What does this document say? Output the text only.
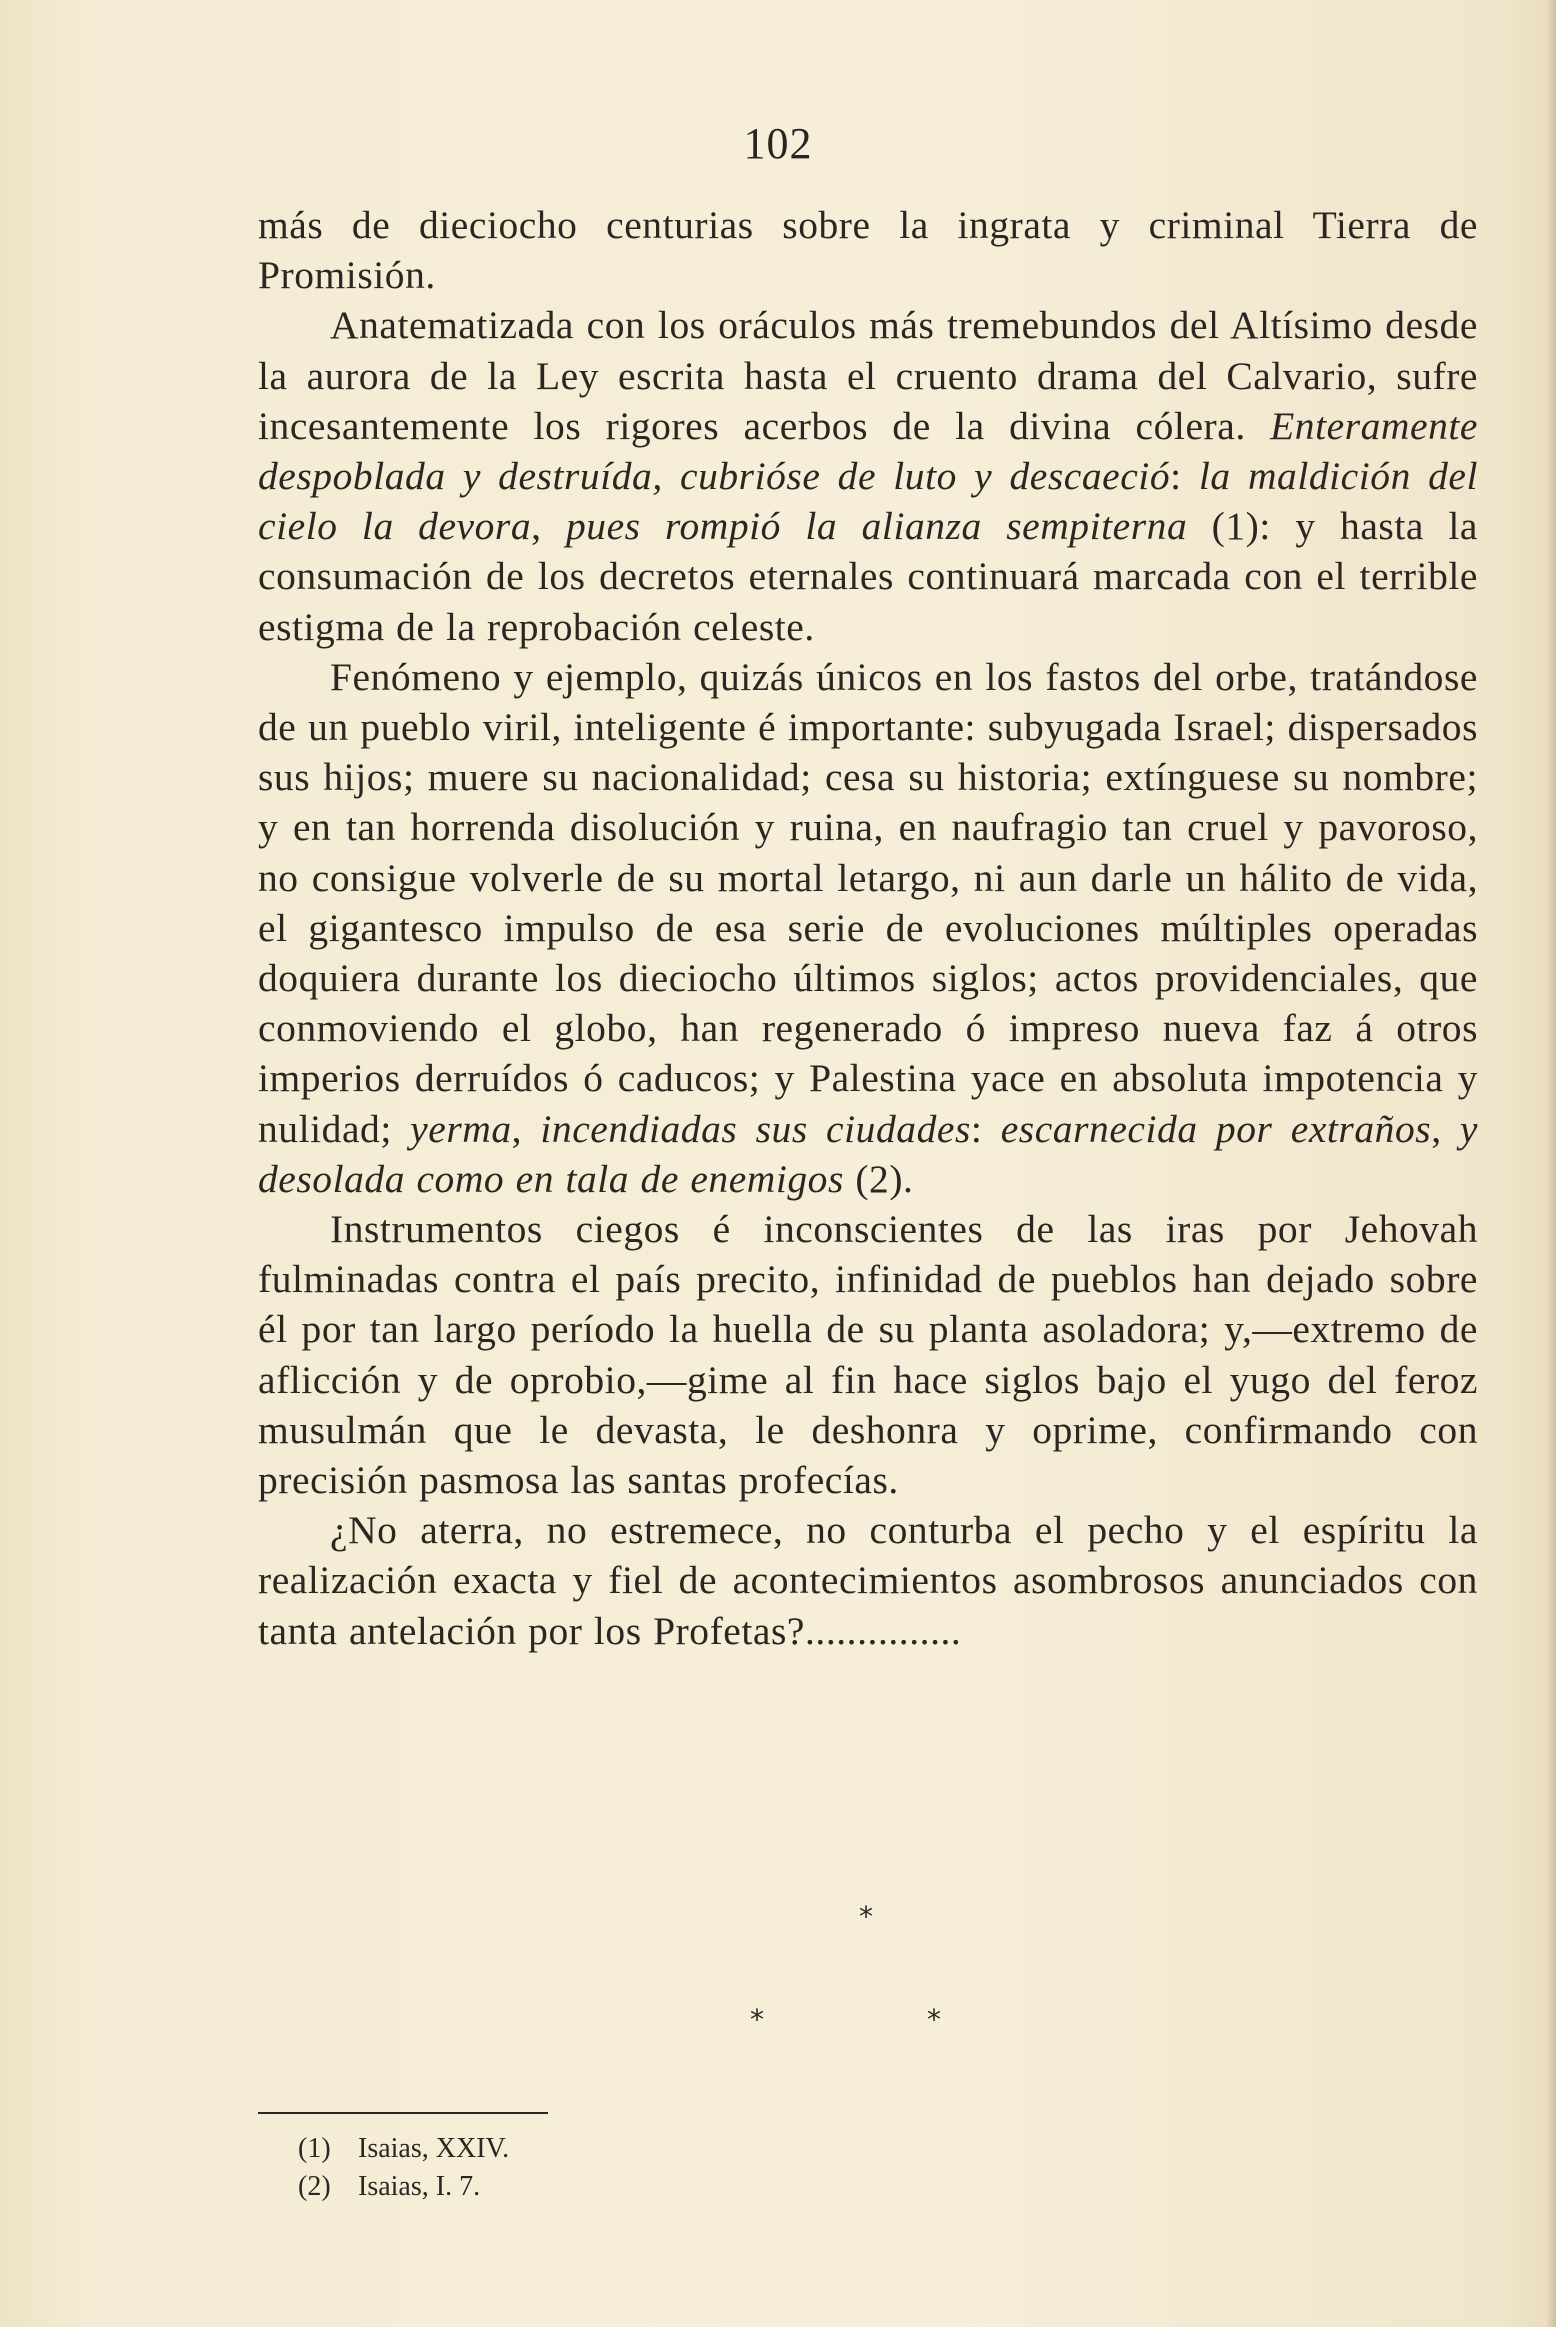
102

más de dieciocho centurias sobre la ingrata y criminal Tierra de Promisión.

Anatematizada con los oráculos más tremebundos del Altísimo desde la aurora de la Ley escrita hasta el cruento drama del Calvario, sufre incesantemente los rigores acerbos de la divina cólera. Enteramente despoblada y destruída, cubrióse de luto y descaeció: la maldición del cielo la devora, pues rompió la alianza sempiterna (1): y hasta la consumación de los decretos eternales continuará marcada con el terrible estigma de la reprobación celeste.

Fenómeno y ejemplo, quizás únicos en los fastos del orbe, tratándose de un pueblo viril, inteligente é importante: subyugada Israel; dispersados sus hijos; muere su nacionalidad; cesa su historia; extínguese su nombre; y en tan horrenda disolución y ruina, en naufragio tan cruel y pavoroso, no consigue volverle de su mortal letargo, ni aun darle un hálito de vida, el gigantesco impulso de esa serie de evoluciones múltiples operadas doquiera durante los dieciocho últimos siglos; actos providenciales, que conmoviendo el globo, han regenerado ó impreso nueva faz á otros imperios derruídos ó caducos; y Palestina yace en absoluta impotencia y nulidad; yerma, incendiadas sus ciudades: escarnecida por extraños, y desolada como en tala de enemigos (2).

Instrumentos ciegos é inconscientes de las iras por Jehovah fulminadas contra el país precito, infinidad de pueblos han dejado sobre él por tan largo período la huella de su planta asoladora; y,—extremo de aflicción y de oprobio,—gime al fin hace siglos bajo el yugo del feroz musulmán que le devasta, le deshonra y oprime, confirmando con precisión pasmosa las santas profecías.

¿No aterra, no estremece, no conturba el pecho y el espíritu la realización exacta y fiel de acontecimientos asombrosos anunciados con tanta antelación por los Profetas?...............

*
*	*
(1) Isaias, XXIV.
(2) Isaias, I. 7.
